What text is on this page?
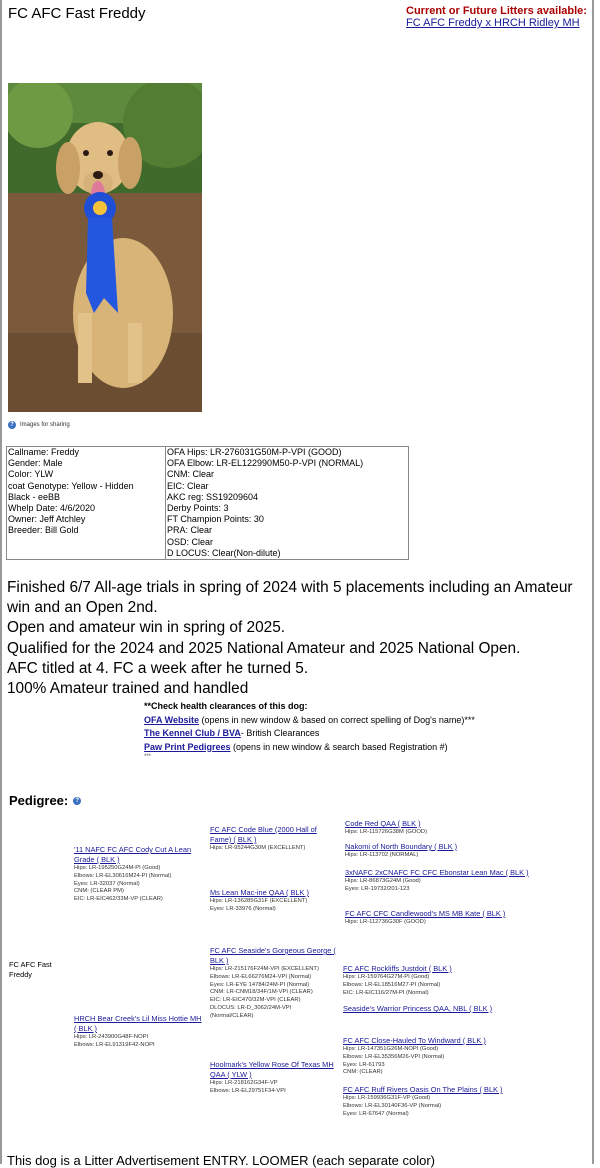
FC AFC Fast Freddy	Current or Future Litters available:
FC AFC Freddy x HRCH Ridley MH
?	Images for sharing
Callname: Freddy
Gender: Male
Color: YLW
coat Genotype: Yellow - Hidden
Black - eeBB
Whelp Date: 4/6/2020
Owner: Jeff Atchley
Breeder: Bill Gold

OFA Hips: LR-276031G50M-P-VPI (GOOD)
OFA Elbow: LR-EL122990M50-P-VPI (NORMAL)
CNM: Clear
EIC: Clear
AKC reg: SS19209604
Derby Points: 3
FT Champion Points: 30
PRA: Clear
OSD: Clear
D LOCUS: Clear(Non-dilute)
Finished 6/7 All-age trials in spring of 2024 with 5 placements including an Amateur win and an Open 2nd.
Open and amateur win in spring of 2025.
Qualified for the 2024 and 2025 National Amateur and 2025 National Open.
AFC titled at 4. FC a week after he turned 5.
100% Amateur trained and handled
**Check health clearances of this dog:
OFA Website (opens in new window & based on correct spelling of Dog's name)***
The Kennel Club / BVA- British Clearances
Paw Print Pedigrees (opens in new window & search based Registration #)
***
Pedigree:	?
FC AFC Fast Freddy
'11 NAFC FC AFC Cody Cut A Lean Grade ( BLK )
Hips: LR-195250G24M-PI (Good)
Elbows: LR-EL30616M24-PI (Normal)
Eyes: LR-32037 (Normal)
CNM: (CLEAR PM)
EIC: LR-EIC462/33M-VP (CLEAR)
HRCH Bear Creek's Lil Miss Hottie MH ( BLK )
Hips: LR-243900G48F-NOPI
Elbows: LR-EL91319F42-NOPI
FC AFC Code Blue (2000 Hall of Fame) ( BLK )
Hips: LR-95244G30M (EXCELLENT)
Ms Lean Mac-ine QAA ( BLK )
Hips: LR-136285G31F (EXCELLENT)
Eyes: LR-33976 (Normal)
FC AFC Seaside's Gorgeous George ( BLK )
Hips: LR-215176F24M-VPI (EXCELLENT)
Elbows: LR-EL66276M24-VPI (Normal)
Eyes: LR-EYE 14784/24M-PI (Normal)
CNM: LR-CNM18/34F/1M-VPI (CLEAR)
EIC: LR-EIC470/32M-VPI (CLEAR)
DLOCUS: LR-D_3062/24M-VPI
(Normal/CLEAR)
Hoolmark's Yellow Rose Of Texas MH QAA ( YLW )
Hips: LR-218162G34F-VP
Elbows: LR-EL29751F34-VPI
Code Red QAA ( BLK )
Hips: LR-115726G38M (GOOD)
Nakomi of North Boundary ( BLK )
Hips: LR-113702 (NORMAL)
3xNAFC 2xCNAFC FC CFC Ebonstar Lean Mac ( BLK )
Hips: LR-86873G24M (Good)
Eyes: LR-19732/201-123
FC AFC CFC Candlewood's MS MB Kate ( BLK )
Hips: LR-112736G30F (GOOD)
FC AFC Rockliffs Justdoit ( BLK )
Hips: LR-159764G27M-PI (Good)
Elbows: LR-EL18516M27-PI (Normal)
EIC: LR-EIC116/27M-PI (Normal)
Seaside's Warrior Princess QAA, NBL ( BLK )
FC AFC Close-Hauled To Windward ( BLK )
Hips: LR-147351G26M-NOPI (Good)
Elbows: LR-EL35356M26-VPI (Normal)
Eyes: LR-61793
CNM: (CLEAR)
FC AFC Ruff Rivers Oasis On The Plains ( BLK )
Hips: LR-159936G31F-VP (Good)
Elbows: LR-EL30140F36-VP (Normal)
Eyes: LR-67647 (Normal)
This dog is a Litter Advertisement ENTRY. LOOMER (each separate color)
